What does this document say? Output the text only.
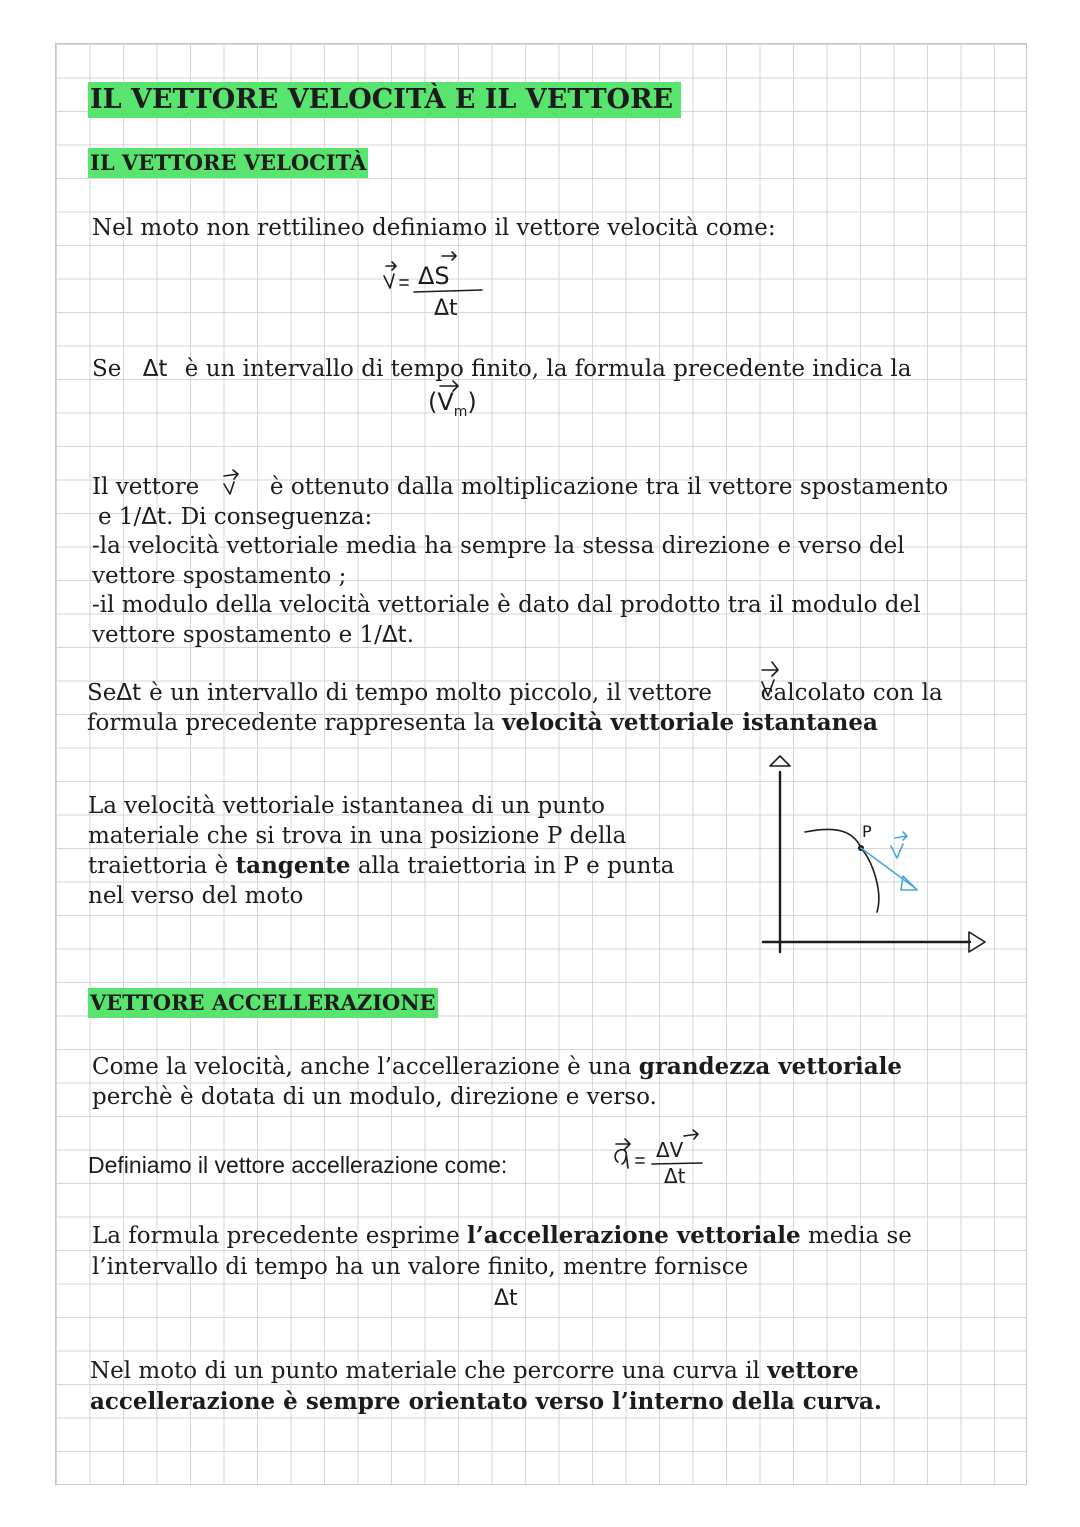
IL VETTORE VELOCITÀ E IL VETTORE
IL VETTORE VELOCITÀ
Nel moto non rettilineo definiamo il vettore velocità come:
ΔS
Δt
Se Δt è un intervallo di tempo finito, la formula precedente indica la
$(V_m)$
Il vettore	è ottenuto dalla moltiplicazione tra il vettore spostamento
e 1/Δt. Di conseguenza:
-la velocità vettoriale media ha sempre la stessa direzione e verso del
vettore spostamento ;
-il modulo della velocità vettoriale è dato dal prodotto tra il modulo del
vettore spostamento e 1/Δt.
SeΔt è un intervallo di tempo molto piccolo, il vettore calcolato con la
formula precedente rappresenta la velocità vettoriale istantanea
La velocità vettoriale istantanea di un punto
materiale che si trova in una posizione P della
traiettoria è tangente alla traiettoria in P e punta
nel verso del moto
P
VETTORE ACCELLERAZIONE
Come la velocità, anche l’accellerazione è una grandezza vettoriale
perchè è dotata di un modulo, direzione e verso.
Definiamo il vettore accellerazione come:
ΔV
Δt
La formula precedente esprime l’accellerazione vettoriale media se
l’intervallo di tempo ha un valore finito, mentre fornisce
Δt
Nel moto di un punto materiale che percorre una curva il vettore
accellerazione è sempre orientato verso l’interno della curva.
